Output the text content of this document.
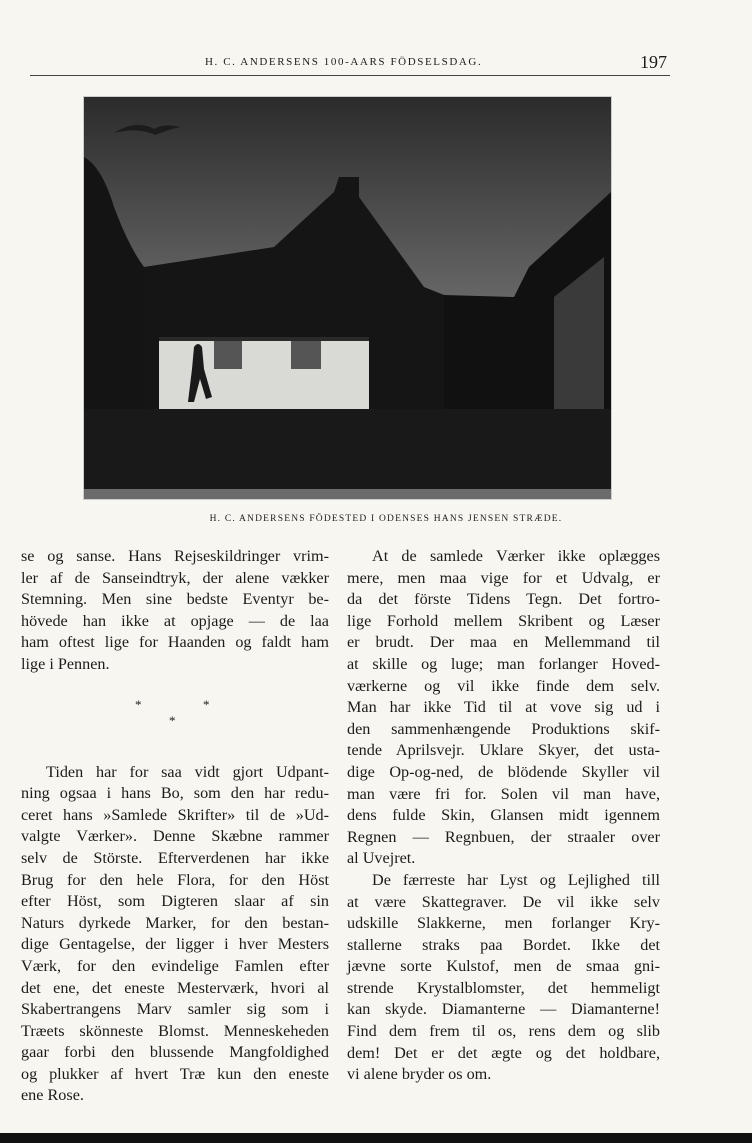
H. C. ANDERSENS 100-AARS FÖDSELSDAG.	197
H. C. ANDERSENS FÖDESTED I ODENSES HANS JENSEN STRÆDE.
se og sanse. Hans Rejseskildringer vrim-
ler af de Sanseindtryk, der alene vækker
Stemning. Men sine bedste Eventyr be-
hövede han ikke at opjage — de laa
ham oftest lige for Haanden og faldt ham
lige i Pennen.
*	*
*
Tiden har for saa vidt gjort Udpant-
ning ogsaa i hans Bo, som den har redu-
ceret hans »Samlede Skrifter» til de »Ud-
valgte Værker». Denne Skæbne rammer
selv de Störste. Efterverdenen har ikke
Brug for den hele Flora, for den Höst
efter Höst, som Digteren slaar af sin
Naturs dyrkede Marker, for den bestan-
dige Gentagelse, der ligger i hver Mesters
Værk, for den evindelige Famlen efter
det ene, det eneste Mesterværk, hvori al
Skabertrangens Marv samler sig som i
Træets skönneste Blomst. Menneskeheden
gaar forbi den blussende Mangfoldighed
og plukker af hvert Træ kun den eneste
ene Rose.
At de samlede Værker ikke oplægges
mere, men maa vige for et Udvalg, er
da det förste Tidens Tegn. Det fortro-
lige Forhold mellem Skribent og Læser
er brudt. Der maa en Mellemmand til
at skille og luge; man forlanger Hoved-
værkerne og vil ikke finde dem selv.
Man har ikke Tid til at vove sig ud i
den sammenhængende Produktions skif-
tende Aprilsvejr. Uklare Skyer, det usta-
dige Op-og-ned, de blödende Skyller vil
man være fri for. Solen vil man have,
dens fulde Skin, Glansen midt igennem
Regnen — Regnbuen, der straaler over
al Uvejret.
De færreste har Lyst og Lejlighed till
at være Skattegraver. De vil ikke selv
udskille Slakkerne, men forlanger Kry-
stallerne straks paa Bordet. Ikke det
jævne sorte Kulstof, men de smaa gni-
strende Krystalblomster, det hemmeligt
kan skyde. Diamanterne — Diamanterne!
Find dem frem til os, rens dem og slib
dem! Det er det ægte og det holdbare,
vi alene bryder os om.
